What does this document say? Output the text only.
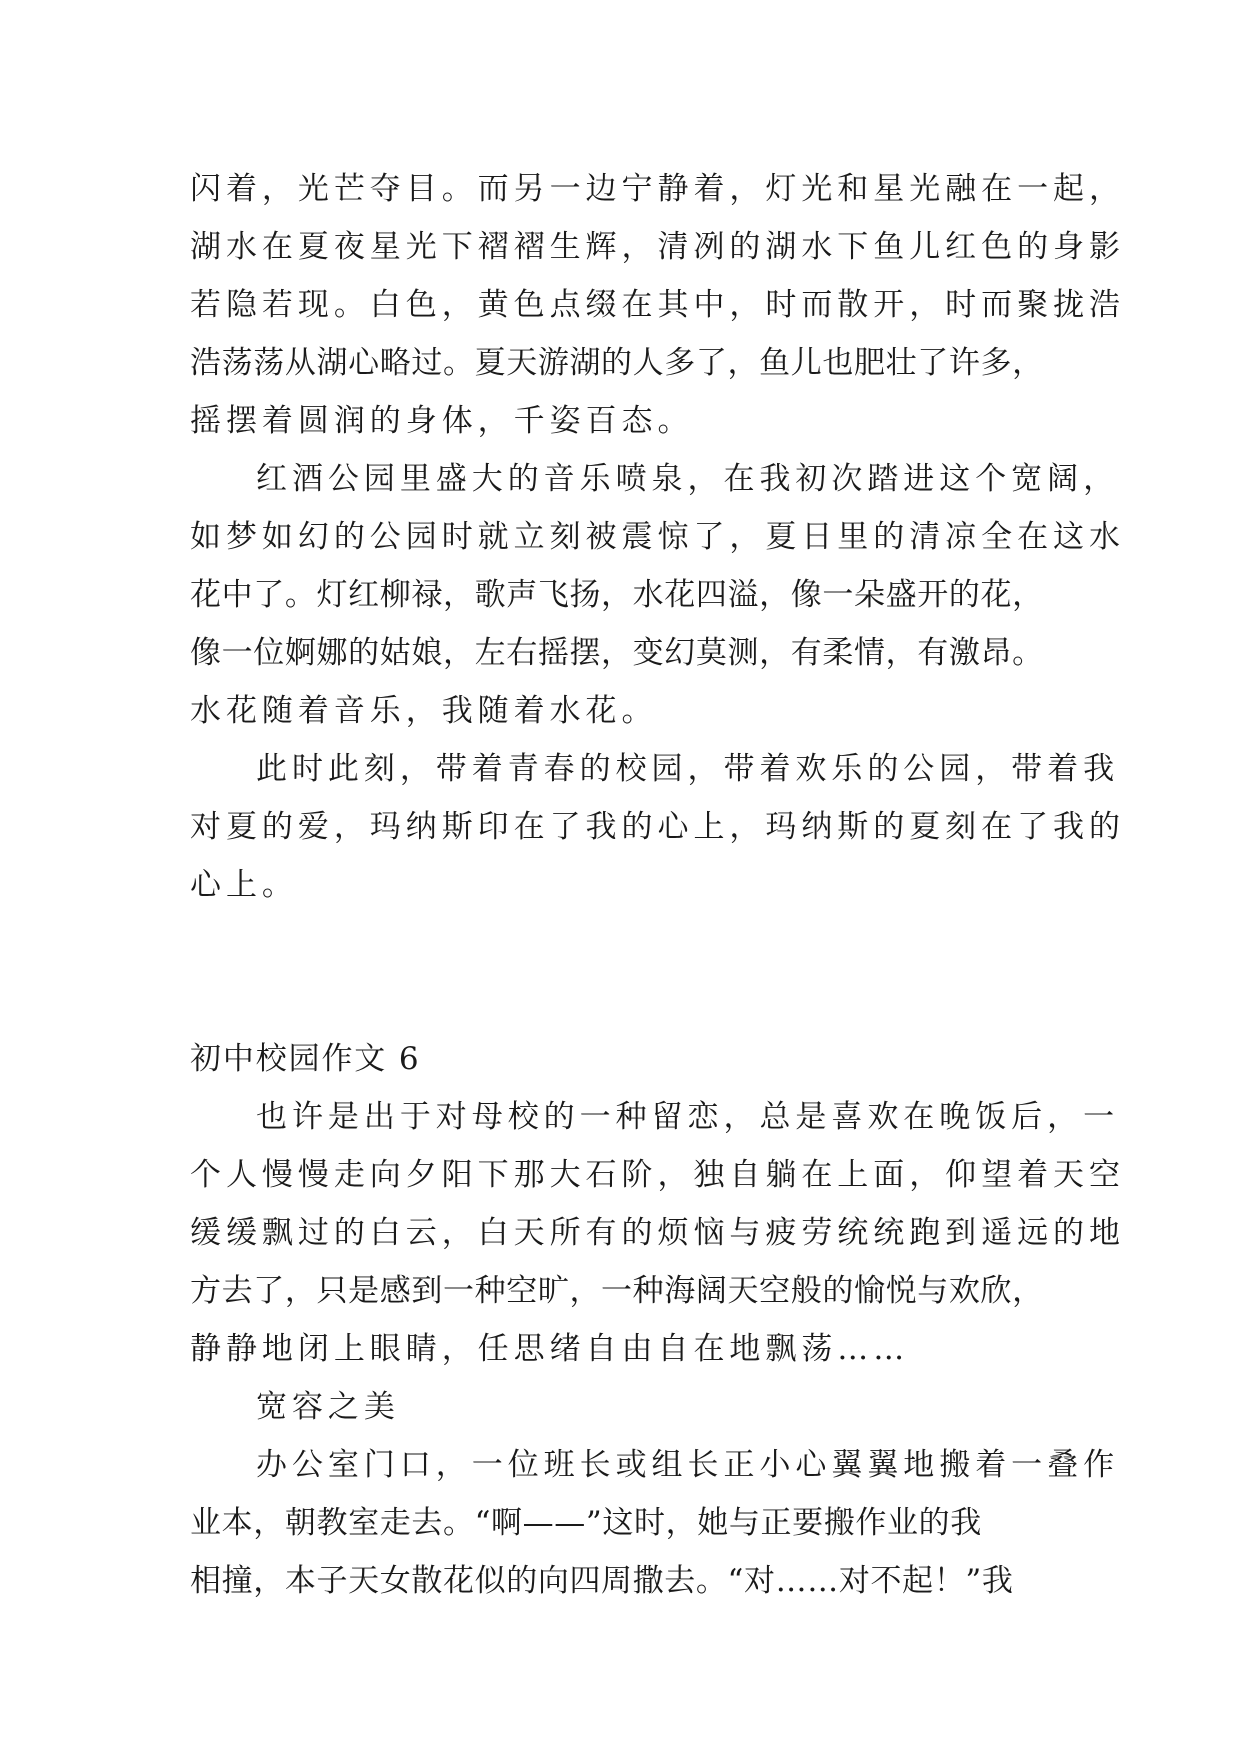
闪着，光芒夺目。而另一边宁静着，灯光和星光融在一起，
湖水在夏夜星光下褶褶生辉，清冽的湖水下鱼儿红色的身影
若隐若现。白色，黄色点缀在其中，时而散开，时而聚拢浩
浩荡荡从湖心略过。夏天游湖的人多了，鱼儿也肥壮了许多，
摇摆着圆润的身体，千姿百态。
红酒公园里盛大的音乐喷泉，在我初次踏进这个宽阔，
如梦如幻的公园时就立刻被震惊了，夏日里的清凉全在这水
花中了。灯红柳禄，歌声飞扬，水花四溢，像一朵盛开的花，
像一位婀娜的姑娘，左右摇摆，变幻莫测，有柔情，有激昂。
水花随着音乐，我随着水花。
此时此刻，带着青春的校园，带着欢乐的公园，带着我
对夏的爱，玛纳斯印在了我的心上，玛纳斯的夏刻在了我的
心上。
初中校园作文 6
也许是出于对母校的一种留恋，总是喜欢在晚饭后，一
个人慢慢走向夕阳下那大石阶，独自躺在上面，仰望着天空
缓缓飘过的白云，白天所有的烦恼与疲劳统统跑到遥远的地
方去了，只是感到一种空旷，一种海阔天空般的愉悦与欢欣，
静静地闭上眼睛，任思绪自由自在地飘荡……
宽容之美
办公室门口，一位班长或组长正小心翼翼地搬着一叠作
业本，朝教室走去。“啊——”这时，她与正要搬作业的我
相撞，本子天女散花似的向四周撒去。“对……对不起！”我
